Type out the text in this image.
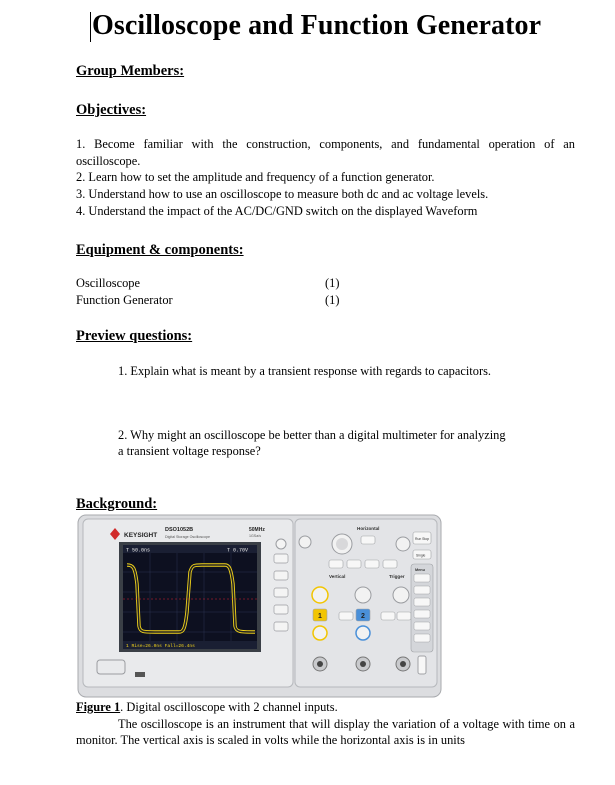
Oscilloscope and Function Generator
Group Members:
Objectives:
1. Become familiar with the construction, components, and fundamental operation of an oscilloscope.
2. Learn how to set the amplitude and frequency of a function generator.
3. Understand how to use an oscilloscope to measure both dc and ac voltage levels.
4. Understand the impact of the AC/DC/GND switch on the displayed Waveform
Equipment & components:
Oscilloscope	(1)
Function Generator	(1)
Preview questions:
1. Explain what is meant by a transient response with regards to capacitors.
2. Why might an oscilloscope be better than a digital multimeter for analyzing a transient voltage response?
Background:
KEYSIGHT
DSO1052B
Digital Storage Oscilloscope
50MHz
1GSa/s
T 50.0ns	T 0.70V
1 Rise=26.0ns Fall=26.4ns
Horizontal
Vertical	Trigger
1	2
Run Stop
Single
Menu
Figure 1. Digital oscilloscope with 2 channel inputs.
The oscilloscope is an instrument that will display the variation of a voltage with time on a monitor. The vertical axis is scaled in volts while the horizontal axis is in units
